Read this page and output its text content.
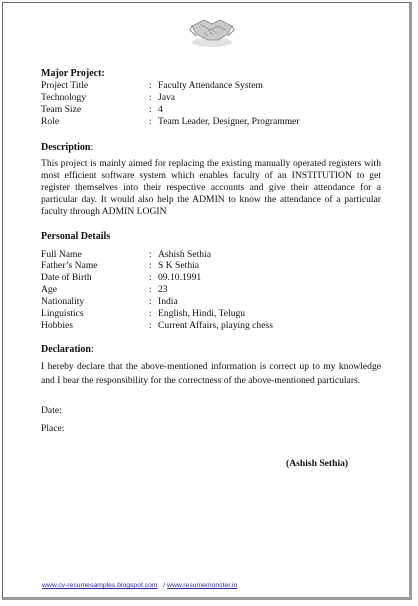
Major Project:

Project Title	: Faculty Attendance System
Technology	: Java
Team Size	: 4
Role	: Team Leader, Designer, Programmer

Description:

This project is mainly aimed for replacing the existing manually operated registers with most efficient software system which enables faculty of an INSTITUTION to get register themselves into their respective accounts and give their attendance for a particular day. It would also help the ADMIN to know the attendance of a particular faculty through ADMIN LOGIN

Personal Details

Full Name	: Ashish Sethia
Father’s Name	: S K Sethia
Date of Birth	: 09.10.1991
Age	: 23
Nationality	: India
Linguistics	: English, Hindi, Telugu
Hobbies	: Current Affairs, playing chess

Declaration:

I hereby declare that the above-mentioned information is correct up to my knowledge and I bear the responsibility for the correctness of the above-mentioned particulars.

Date:
Place:
(Ashish Sethia)
www.cv-resumesamples.blogspot.com / www.resumemonster.in
